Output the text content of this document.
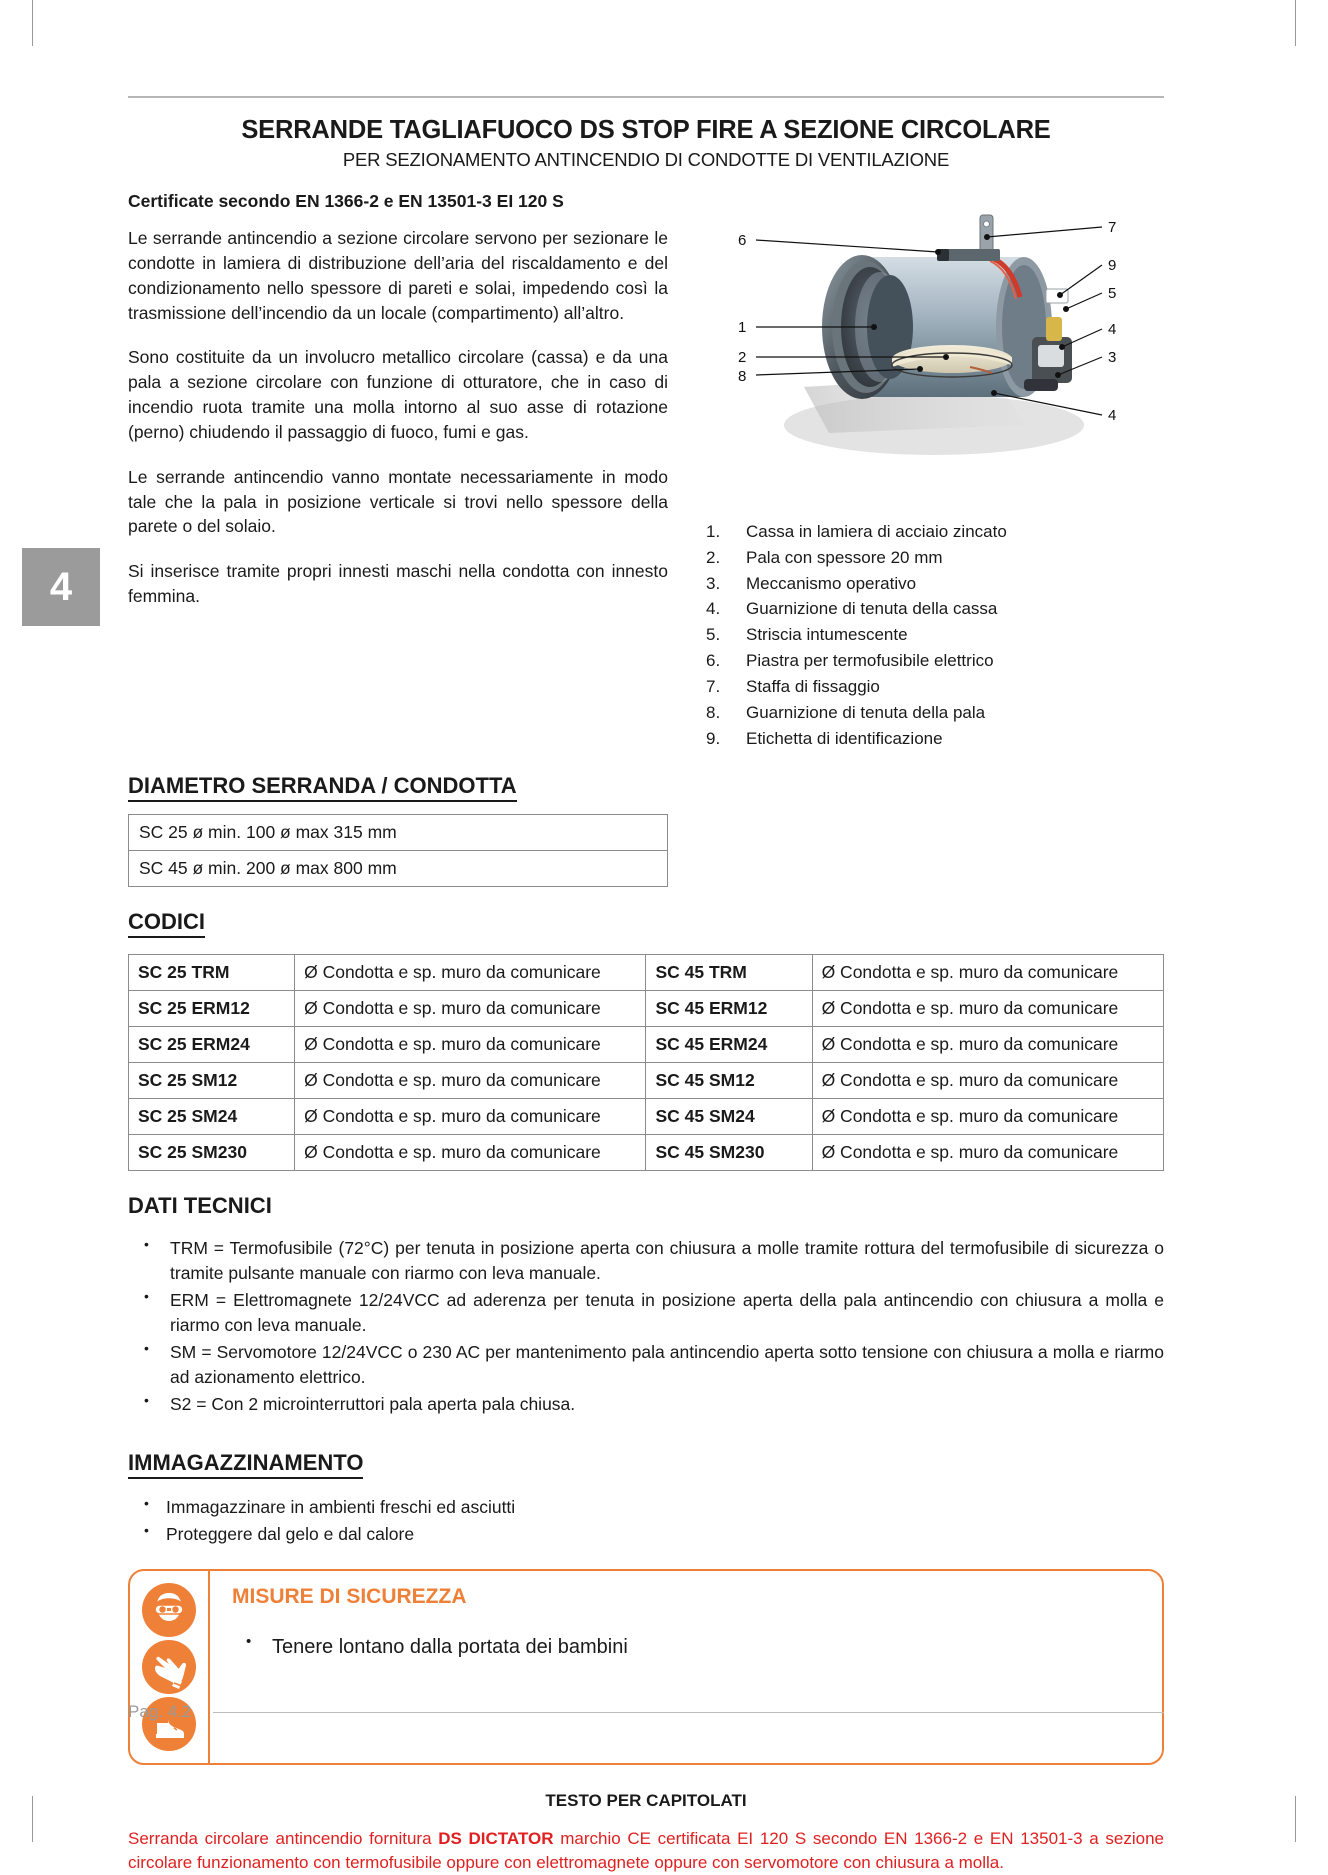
4
SERRANDE TAGLIAFUOCO DS STOP FIRE A SEZIONE CIRCOLARE
PER SEZIONAMENTO ANTINCENDIO DI CONDOTTE DI VENTILAZIONE
Certificate secondo EN 1366-2 e EN 13501-3 EI 120 S

Le serrande antincendio a sezione circolare servono per sezionare le condotte in lamiera di distribuzione dell’aria del riscaldamento e del condizionamento nello spessore di pareti e solai, impedendo così la trasmissione dell’incendio da un locale (compartimento) all’altro.

Sono costituite da un involucro metallico circolare (cassa) e da una pala a sezione circolare con funzione di otturatore, che in caso di incendio ruota tramite una molla intorno al suo asse di rotazione (perno) chiudendo il passaggio di fuoco, fumi e gas.

Le serrande antincendio vanno montate necessariamente in modo tale che la pala in posizione verticale si trovi nello spessore della parete o del solaio.

Si inserisce tramite propri innesti maschi nella condotta con innesto femmina.

6
1
2
8
7
9
5
4
3
4
1.	Cassa in lamiera di acciaio zincato
2.	Pala con spessore 20 mm
3.	Meccanismo operativo
4.	Guarnizione di tenuta della cassa
5.	Striscia intumescente
6.	Piastra per termofusibile elettrico
7.	Staffa di fissaggio
8.	Guarnizione di tenuta della pala
9.	Etichetta di identificazione
DIAMETRO SERRANDA / CONDOTTA
SC 25 ø min. 100 ø max 315 mm
SC 45 ø min. 200 ø max 800 mm
CODICI
SC 25 TRM	Ø Condotta e sp. muro da comunicare	SC 45 TRM	Ø Condotta e sp. muro da comunicare
SC 25 ERM12	Ø Condotta e sp. muro da comunicare	SC 45 ERM12	Ø Condotta e sp. muro da comunicare
SC 25 ERM24	Ø Condotta e sp. muro da comunicare	SC 45 ERM24	Ø Condotta e sp. muro da comunicare
SC 25 SM12	Ø Condotta e sp. muro da comunicare	SC 45 SM12	Ø Condotta e sp. muro da comunicare
SC 25 SM24	Ø Condotta e sp. muro da comunicare	SC 45 SM24	Ø Condotta e sp. muro da comunicare
SC 25 SM230	Ø Condotta e sp. muro da comunicare	SC 45 SM230	Ø Condotta e sp. muro da comunicare
DATI TECNICI
• TRM = Termofusibile (72°C) per tenuta in posizione aperta con chiusura a molle tramite rottura del termofusibile di sicurezza o tramite pulsante manuale con riarmo con leva manuale.
• ERM = Elettromagnete 12/24VCC ad aderenza per tenuta in posizione aperta della pala antincendio con chiusura a molla e riarmo con leva manuale.
• SM = Servomotore 12/24VCC o 230 AC per mantenimento pala antincendio aperta sotto tensione con chiusura a molla e riarmo ad azionamento elettrico.
• S2 = Con 2 microinterruttori pala aperta pala chiusa.
IMMAGAZZINAMENTO
• Immagazzinare in ambienti freschi ed asciutti
• Proteggere dal gelo e dal calore
MISURE DI SICUREZZA
• Tenere lontano dalla portata dei bambini
TESTO PER CAPITOLATI

Serranda circolare antincendio fornitura DS DICTATOR marchio CE certificata EI 120 S secondo EN 1366-2 e EN 13501-3 a sezione circolare funzionamento con termofusibile oppure con elettromagnete oppure con servomotore con chiusura a molla.

Pag. 4.2
